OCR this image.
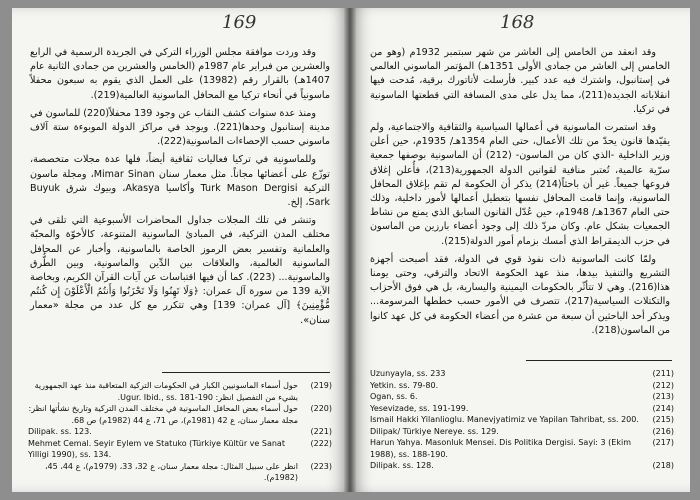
169

وقد وردت موافقة مجلس الوزراء التركي في الجريدة الرسمية في الرابع والعشرين من فبراير عام 1987م (الخامس والعشرين من جمادى الثانية عام 1407هـ) بالقرار رقم (13982) على العمل الذي يقوم به سبعون محفلاً ماسونياً في أنحاء تركيا مع المحافل الماسونية العالمية(219).

ومنذ عدة سنوات كشف النقاب عن وجود 139 محفلاً(220) للماسون في مدينة إستانبول وحدها(221). ويوجد في مراكز الدولة الموبوءة ستة آلاف ماسوني حسب الإحصاءات الماسونية(222).

وللماسونية في تركيا فعاليات ثقافية أيضاً، فلها عدة مجلات متخصصة، توزّع على أعضائها مجاناً. مثل معمار سنان Mimar Sinan، ومجلة ماسون التركية Turk Mason Dergisi وأكاسيا Akasya، وبيوك شرق Buyuk Sark، إلخ.

وتنشر في تلك المجلات جداول المحاضرات الأسبوعية التي تلقى في مختلف المدن التركية، في المبادئ الماسونية المتنوعة، كالأخوّة والمحبّة والعلمانية وتفسير بعض الرموز الخاصة بالماسونية، وأخبار عن المحافل الماسونية العالمية، والعلاقات بين الدِّين والماسونية، وبين الطُّرق والماسونية... (223). كما أن فيها اقتباسات عن آيات القرآن الكريم، وبخاصة الآية 139 من سورة آل عمران: ﴿وَلَا تَهِنُوا وَلَا تَحْزَنُوا وَأَنتُمُ الْأَعْلَوْنَ إِن كُنتُم مُّؤْمِنِينَ﴾ [آل عمران: 139] وهي تتكرر مع كل عدد من مجلة «معمار سنان».

(219)
حول أسماء الماسونيين الكبار في الحكومات التركية المتعاقبة منذ عهد الجمهورية بشيء من التفصيل انظر: Ugur. Ibid., ss. 181-190.
(220)
حول أسماء بعض المحافل الماسونية في مختلف المدن التركية وتاريخ نشأتها انظر: مجلة معمار سنان، ع 42 (1981م)، ص 71، ع 44 (1982م) ص 68.
(221)
Dilipak. ss. 123.
(222)
Mehmet Cemal. Seyir Eylem ve Statuko (Türkiye Kültür ve Sanat Yilligi 1990), ss. 134.
(223)
انظر على سبيل المثال: مجلة معمار سنان، ع 32، 33، (1979م)، ع 44، 45، (1982م).
168

وقد انعقد من الخامس إلى العاشر من شهر سبتمبر 1932م (وهو من الخامس إلى العاشر من جمادى الأولى 1351هـ) المؤتمر الماسوني العالمي في إستانبول، واشترك فيه عدد كبير. فأرسلت لأتاتورك برقية، مُدحت فيها انقلاباته الجديدة(211)، مما يدل على مدى المسافة التي قطعتها الماسونية في تركيا.

وقد استمرت الماسونية في أعمالها السياسية والثقافية والاجتماعية، ولم يقيّدها قانون يحدّ من تلك الأعمال، حتى العام 1354هـ/ 1935م، حين أعلن وزير الداخلية -الذي كان من الماسون- (212) أن الماسونية بوصفها جمعية سرّية عالمية، تُعتبر منافية لقوانين الدولة الجمهورية(213)، فأُعلن إغلاق فروعها جميعاً. غير أن باحثاً(214) يذكر أن الحكومة لم تقم بإغلاق المحافل الماسونية، وإنما قامت المحافل نفسها بتعطيل أعمالها لأمور داخلية، وذلك حتى العام 1367هـ/ 1948م، حين عُدّل القانون السابق الذي يمنع من نشاط الجمعيات بشكل عام. وكان مردّ ذلك إلى وجود أعضاء بارزين من الماسون في حزب الديمقراط الذي أمسك بزمام أمور الدولة(215).

ولمّا كانت الماسونية ذات نفوذ قوي في الدولة، فقد أصبحت أجهزة التشريع والتنفيذ بيدها، منذ عهد الحكومة الاتحاد والترقي، وحتى يومنا هذا(216). وهي لا تتأثّر بالحكومات اليمينية واليسارية، بل هي فوق الأحزاب والتكتلات السياسية(217)، تتصرف في الأمور حسب خططها المرسومة... ويذكر أحد الباحثين أن سبعة من عشرة من أعضاء الحكومة في كل عهد كانوا من الماسون(218).

(211)
Uzunyayla, ss. 233
(212)
Yetkin. ss. 79-80.
(213)
Ogan, ss. 6.
(214)
Yesevizade, ss. 191-199.
(215)
Ismail Hakki Yilanlioglu. Manevjyatimiz ve Yapilan Tahribat, ss. 200.
(216)
Dilipak/ Türkiye Nereye. ss. 129.
(217)
Harun Yahya. Masonluk Mensei. Dis Politika Dergisi. Sayi: 3 (Ekim 1988), ss. 188-190.
(218)
Dilipak. ss. 128.
